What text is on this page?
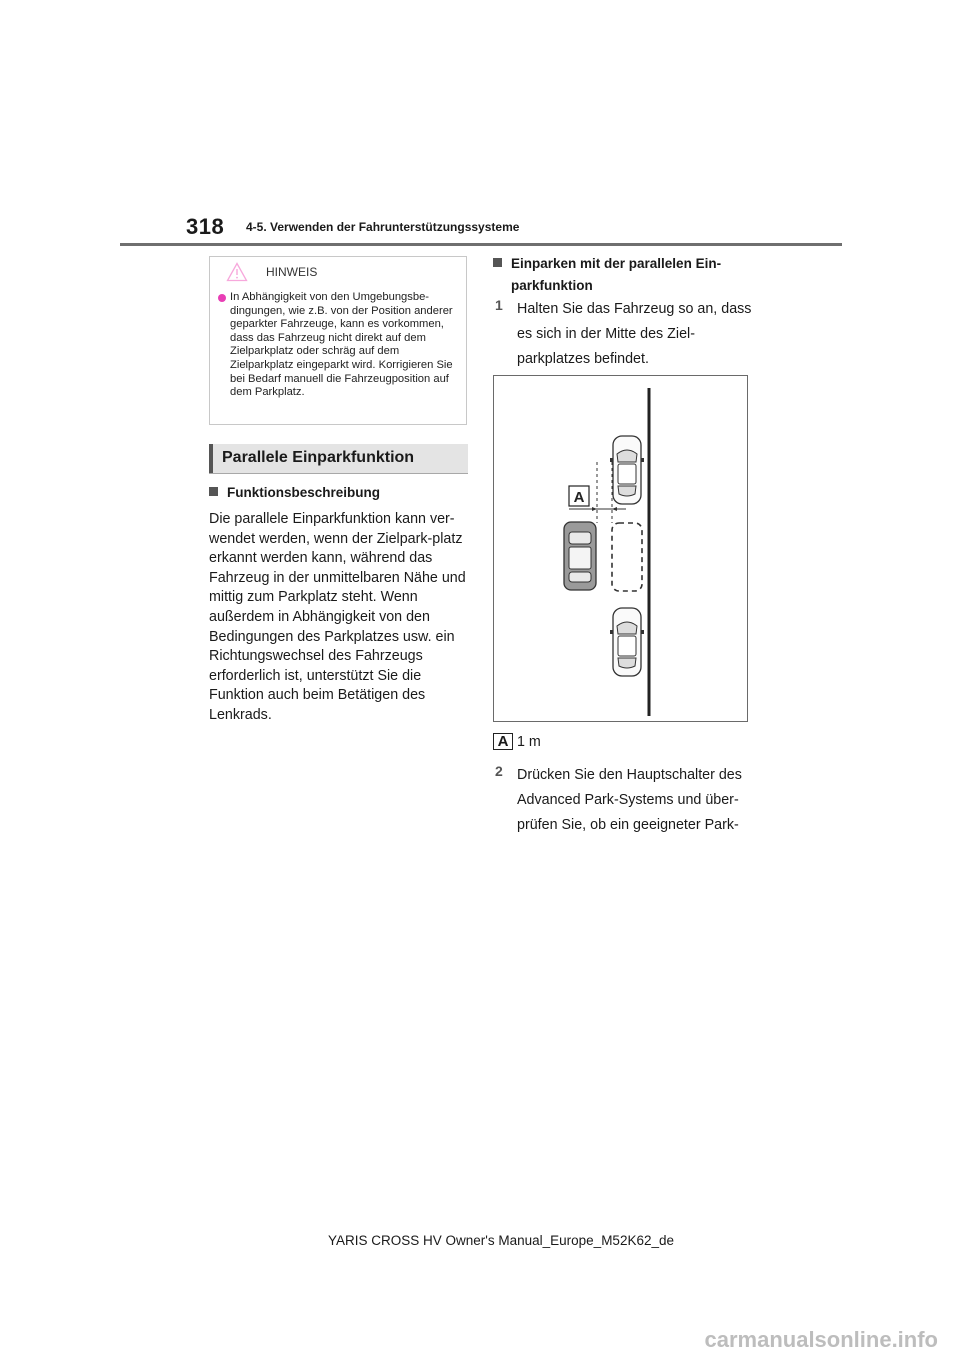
318 4-5. Verwenden der Fahrunterstützungssysteme
HINWEIS
In Abhängigkeit von den Umgebungsbe-dingungen, wie z.B. von der Position anderer geparkter Fahrzeuge, kann es vorkommen, dass das Fahrzeug nicht direkt auf dem Zielparkplatz oder schräg auf dem Zielparkplatz eingeparkt wird. Korrigieren Sie bei Bedarf manuell die Fahrzeugposition auf dem Parkplatz.
Parallele Einparkfunktion
Funktionsbeschreibung
Die parallele Einparkfunktion kann ver-wendet werden, wenn der Zielpark-platz erkannt werden kann, während das Fahrzeug in der unmittelbaren Nähe und mittig zum Parkplatz steht. Wenn außerdem in Abhängigkeit von den Bedingungen des Parkplatzes usw. ein Richtungswechsel des Fahrzeugs erforderlich ist, unterstützt Sie die Funktion auch beim Betätigen des Lenkrads.
Einparken mit der parallelen Ein-
parkfunktion
1 Halten Sie das Fahrzeug so an, dass es sich in der Mitte des Ziel-parkplatzes befindet.
A
A 1 m
2 Drücken Sie den Hauptschalter des Advanced Park-Systems und über-prüfen Sie, ob ein geeigneter Park-
YARIS CROSS HV Owner's Manual_Europe_M52K62_de
carmanualsonline.info
